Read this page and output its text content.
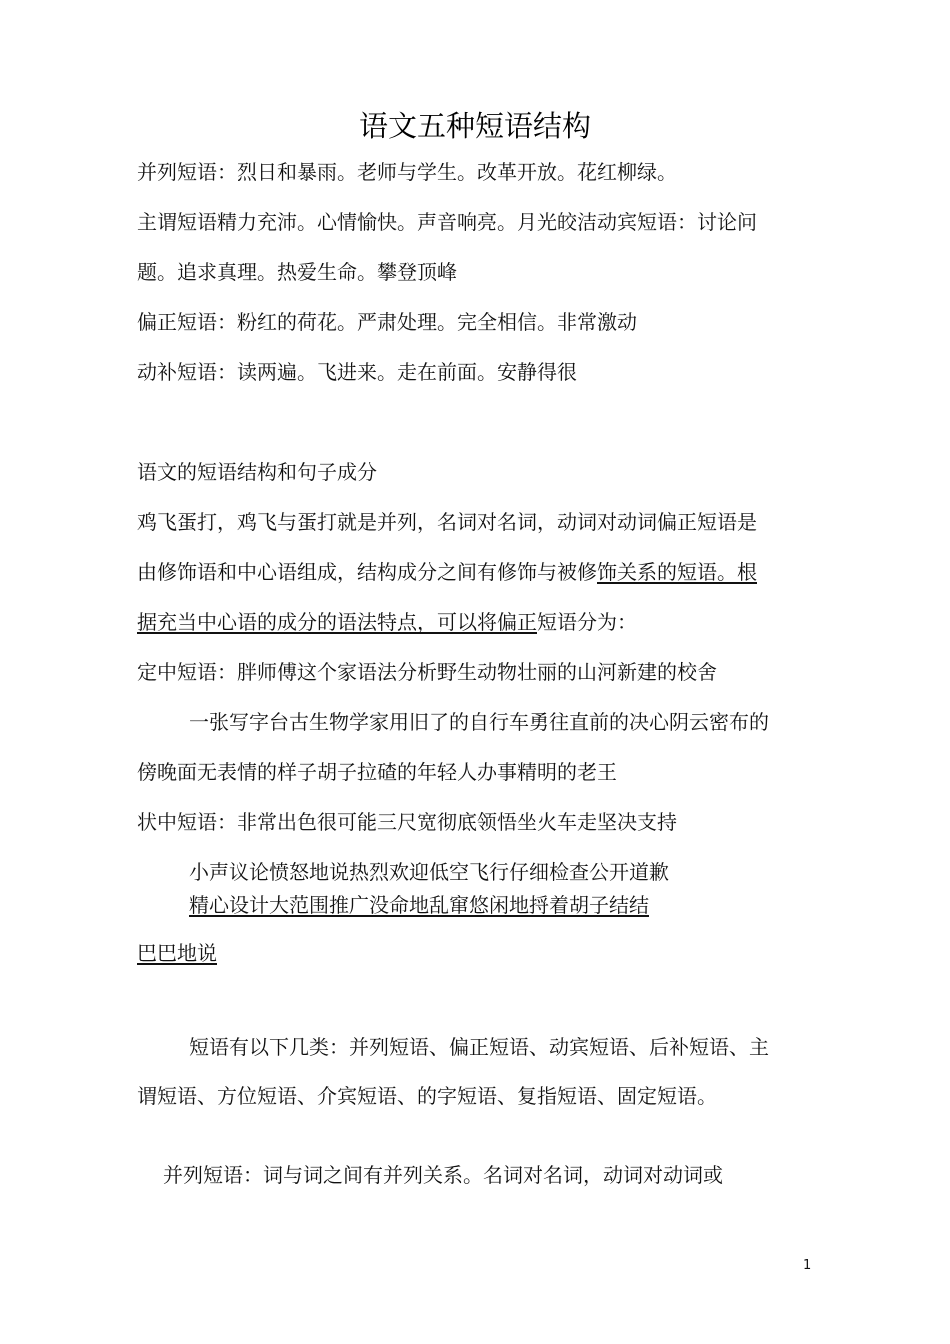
语文五种短语结构
并列短语：烈日和暴雨。老师与学生。改革开放。花红柳绿。
主谓短语精力充沛。心情愉快。声音响亮。月光皎洁动宾短语：讨论问
题。追求真理。热爱生命。攀登顶峰
偏正短语：粉红的荷花。严肃处理。完全相信。非常激动
动补短语：读两遍。飞进来。走在前面。安静得很
语文的短语结构和句子成分
鸡飞蛋打，鸡飞与蛋打就是并列，名词对名词，动词对动词偏正短语是
由修饰语和中心语组成，结构成分之间有修饰与被修饰关系的短语。根
据充当中心语的成分的语法特点，可以将偏正短语分为：
定中短语：胖师傅这个家语法分析野生动物壮丽的山河新建的校舍
一张写字台古生物学家用旧了的自行车勇往直前的决心阴云密布的
傍晚面无表情的样子胡子拉碴的年轻人办事精明的老王
状中短语：非常出色很可能三尺宽彻底领悟坐火车走坚决支持
小声议论愤怒地说热烈欢迎低空飞行仔细检查公开道歉
精心设计大范围推广没命地乱窜悠闲地捋着胡子结结
巴巴地说
短语有以下几类：并列短语、偏正短语、动宾短语、后补短语、主
谓短语、方位短语、介宾短语、的字短语、复指短语、固定短语。
并列短语：词与词之间有并列关系。名词对名词，动词对动词或
1
